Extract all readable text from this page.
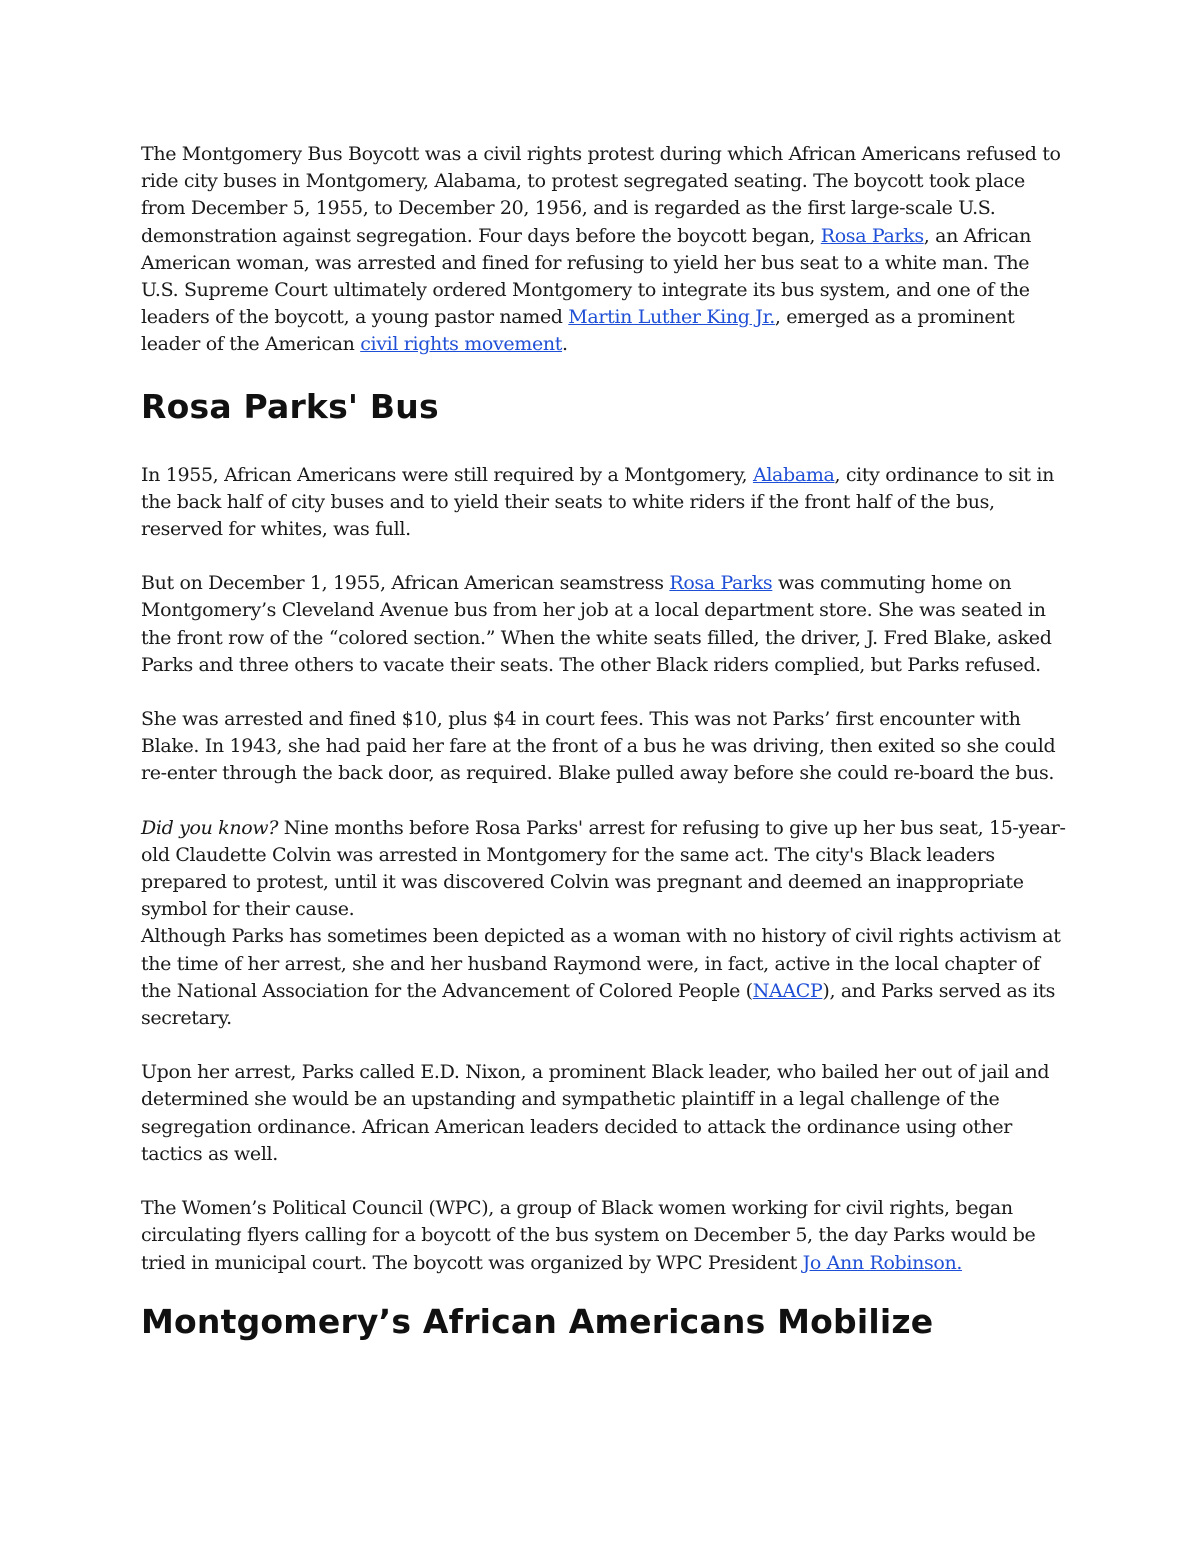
The Montgomery Bus Boycott was a civil rights protest during which African Americans refused to ride city buses in Montgomery, Alabama, to protest segregated seating. The boycott took place from December 5, 1955, to December 20, 1956, and is regarded as the first large-scale U.S. demonstration against segregation. Four days before the boycott began, Rosa Parks, an African American woman, was arrested and fined for refusing to yield her bus seat to a white man. The U.S. Supreme Court ultimately ordered Montgomery to integrate its bus system, and one of the leaders of the boycott, a young pastor named Martin Luther King Jr., emerged as a prominent leader of the American civil rights movement.

Rosa Parks' Bus

In 1955, African Americans were still required by a Montgomery, Alabama, city ordinance to sit in the back half of city buses and to yield their seats to white riders if the front half of the bus, reserved for whites, was full.

But on December 1, 1955, African American seamstress Rosa Parks was commuting home on Montgomery’s Cleveland Avenue bus from her job at a local department store. She was seated in the front row of the “colored section.” When the white seats filled, the driver, J. Fred Blake, asked Parks and three others to vacate their seats. The other Black riders complied, but Parks refused.

She was arrested and fined $10, plus $4 in court fees. This was not Parks’ first encounter with Blake. In 1943, she had paid her fare at the front of a bus he was driving, then exited so she could re-enter through the back door, as required. Blake pulled away before she could re-board the bus.

Did you know? Nine months before Rosa Parks' arrest for refusing to give up her bus seat, 15-year-old Claudette Colvin was arrested in Montgomery for the same act. The city's Black leaders prepared to protest, until it was discovered Colvin was pregnant and deemed an inappropriate symbol for their cause.

Although Parks has sometimes been depicted as a woman with no history of civil rights activism at the time of her arrest, she and her husband Raymond were, in fact, active in the local chapter of the National Association for the Advancement of Colored People (NAACP), and Parks served as its secretary.

Upon her arrest, Parks called E.D. Nixon, a prominent Black leader, who bailed her out of jail and determined she would be an upstanding and sympathetic plaintiff in a legal challenge of the segregation ordinance. African American leaders decided to attack the ordinance using other tactics as well.

The Women’s Political Council (WPC), a group of Black women working for civil rights, began circulating flyers calling for a boycott of the bus system on December 5, the day Parks would be tried in municipal court. The boycott was organized by WPC President Jo Ann Robinson.

Montgomery’s African Americans Mobilize
